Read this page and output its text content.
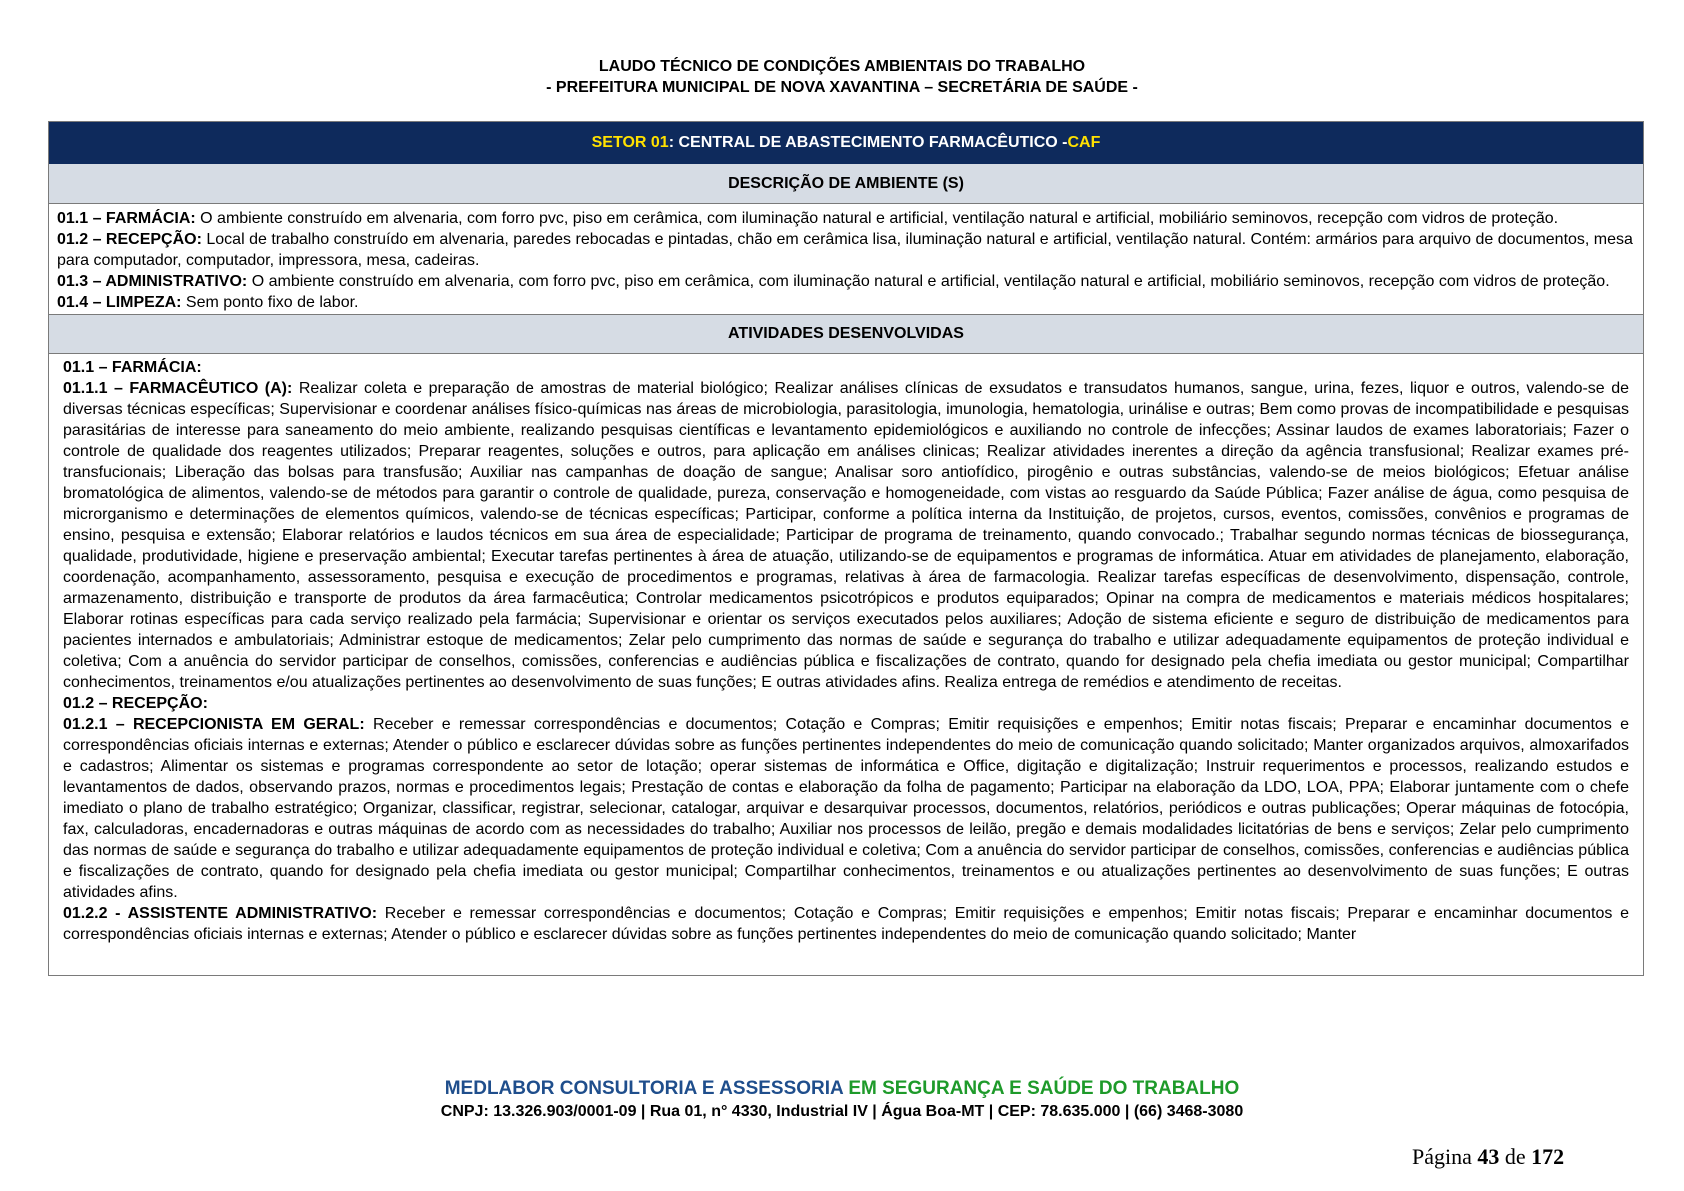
LAUDO TÉCNICO DE CONDIÇÕES AMBIENTAIS DO TRABALHO
- PREFEITURA MUNICIPAL DE NOVA XAVANTINA – SECRETÁRIA DE SAÚDE -
SETOR 01 : CENTRAL DE ABASTECIMENTO FARMACÊUTICO - CAF
DESCRIÇÃO DE AMBIENTE (S)

01.1 – FARMÁCIA: O ambiente construído em alvenaria, com forro pvc, piso em cerâmica, com iluminação natural e artificial, ventilação natural e artificial, mobiliário seminovos, recepção com vidros de proteção.

01.2 – RECEPÇÃO: Local de trabalho construído em alvenaria, paredes rebocadas e pintadas, chão em cerâmica lisa, iluminação natural e artificial, ventilação natural. Contém: armários para arquivo de documentos, mesa para computador, computador, impressora, mesa, cadeiras.

01.3 – ADMINISTRATIVO: O ambiente construído em alvenaria, com forro pvc, piso em cerâmica, com iluminação natural e artificial, ventilação natural e artificial, mobiliário seminovos, recepção com vidros de proteção.

01.4 – LIMPEZA: Sem ponto fixo de labor.

ATIVIDADES DESENVOLVIDAS

01.1 – FARMÁCIA:

01.1.1 – FARMACÊUTICO (A): Realizar coleta e preparação de amostras de material biológico; Realizar análises clínicas de exsudatos e transudatos humanos, sangue, urina, fezes, liquor e outros, valendo-se de diversas técnicas específicas; Supervisionar e coordenar análises físico-químicas nas áreas de microbiologia, parasitologia, imunologia, hematologia, urinálise e outras; Bem como provas de incompatibilidade e pesquisas parasitárias de interesse para saneamento do meio ambiente, realizando pesquisas científicas e levantamento epidemiológicos e auxiliando no controle de infecções; Assinar laudos de exames laboratoriais; Fazer o controle de qualidade dos reagentes utilizados; Preparar reagentes, soluções e outros, para aplicação em análises clinicas; Realizar atividades inerentes a direção da agência transfusional; Realizar exames pré-transfucionais; Liberação das bolsas para transfusão; Auxiliar nas campanhas de doação de sangue; Analisar soro antiofídico, pirogênio e outras substâncias, valendo-se de meios biológicos; Efetuar análise bromatológica de alimentos, valendo-se de métodos para garantir o controle de qualidade, pureza, conservação e homogeneidade, com vistas ao resguardo da Saúde Pública; Fazer análise de água, como pesquisa de microrganismo e determinações de elementos químicos, valendo-se de técnicas específicas; Participar, conforme a política interna da Instituição, de projetos, cursos, eventos, comissões, convênios e programas de ensino, pesquisa e extensão; Elaborar relatórios e laudos técnicos em sua área de especialidade; Participar de programa de treinamento, quando convocado.; Trabalhar segundo normas técnicas de biossegurança, qualidade, produtividade, higiene e preservação ambiental; Executar tarefas pertinentes à área de atuação, utilizando-se de equipamentos e programas de informática. Atuar em atividades de planejamento, elaboração, coordenação, acompanhamento, assessoramento, pesquisa e execução de procedimentos e programas, relativas à área de farmacologia. Realizar tarefas específicas de desenvolvimento, dispensação, controle, armazenamento, distribuição e transporte de produtos da área farmacêutica; Controlar medicamentos psicotrópicos e produtos equiparados; Opinar na compra de medicamentos e materiais médicos hospitalares; Elaborar rotinas específicas para cada serviço realizado pela farmácia; Supervisionar e orientar os serviços executados pelos auxiliares; Adoção de sistema eficiente e seguro de distribuição de medicamentos para pacientes internados e ambulatoriais; Administrar estoque de medicamentos; Zelar pelo cumprimento das normas de saúde e segurança do trabalho e utilizar adequadamente equipamentos de proteção individual e coletiva; Com a anuência do servidor participar de conselhos, comissões, conferencias e audiências pública e fiscalizações de contrato, quando for designado pela chefia imediata ou gestor municipal; Compartilhar conhecimentos, treinamentos e/ou atualizações pertinentes ao desenvolvimento de suas funções; E outras atividades afins. Realiza entrega de remédios e atendimento de receitas.

01.2 – RECEPÇÃO:

01.2.1 – RECEPCIONISTA EM GERAL: Receber e remessar correspondências e documentos; Cotação e Compras; Emitir requisições e empenhos; Emitir notas fiscais; Preparar e encaminhar documentos e correspondências oficiais internas e externas; Atender o público e esclarecer dúvidas sobre as funções pertinentes independentes do meio de comunicação quando solicitado; Manter organizados arquivos, almoxarifados e cadastros; Alimentar os sistemas e programas correspondente ao setor de lotação; operar sistemas de informática e Office, digitação e digitalização; Instruir requerimentos e processos, realizando estudos e levantamentos de dados, observando prazos, normas e procedimentos legais; Prestação de contas e elaboração da folha de pagamento; Participar na elaboração da LDO, LOA, PPA; Elaborar juntamente com o chefe imediato o plano de trabalho estratégico; Organizar, classificar, registrar, selecionar, catalogar, arquivar e desarquivar processos, documentos, relatórios, periódicos e outras publicações; Operar máquinas de fotocópia, fax, calculadoras, encadernadoras e outras máquinas de acordo com as necessidades do trabalho; Auxiliar nos processos de leilão, pregão e demais modalidades licitatórias de bens e serviços; Zelar pelo cumprimento das normas de saúde e segurança do trabalho e utilizar adequadamente equipamentos de proteção individual e coletiva; Com a anuência do servidor participar de conselhos, comissões, conferencias e audiências pública e fiscalizações de contrato, quando for designado pela chefia imediata ou gestor municipal; Compartilhar conhecimentos, treinamentos e ou atualizações pertinentes ao desenvolvimento de suas funções; E outras atividades afins.

01.2.2 - ASSISTENTE ADMINISTRATIVO: Receber e remessar correspondências e documentos; Cotação e Compras; Emitir requisições e empenhos; Emitir notas fiscais; Preparar e encaminhar documentos e correspondências oficiais internas e externas; Atender o público e esclarecer dúvidas sobre as funções pertinentes independentes do meio de comunicação quando solicitado; Manter

MEDLABOR CONSULTORIA E ASSESSORIA EM SEGURANÇA E SAÚDE DO TRABALHO
CNPJ: 13.326.903/0001-09 | Rua 01, n° 4330, Industrial IV | Água Boa-MT | CEP: 78.635.000 | (66) 3468-3080
Página 43 de 172
